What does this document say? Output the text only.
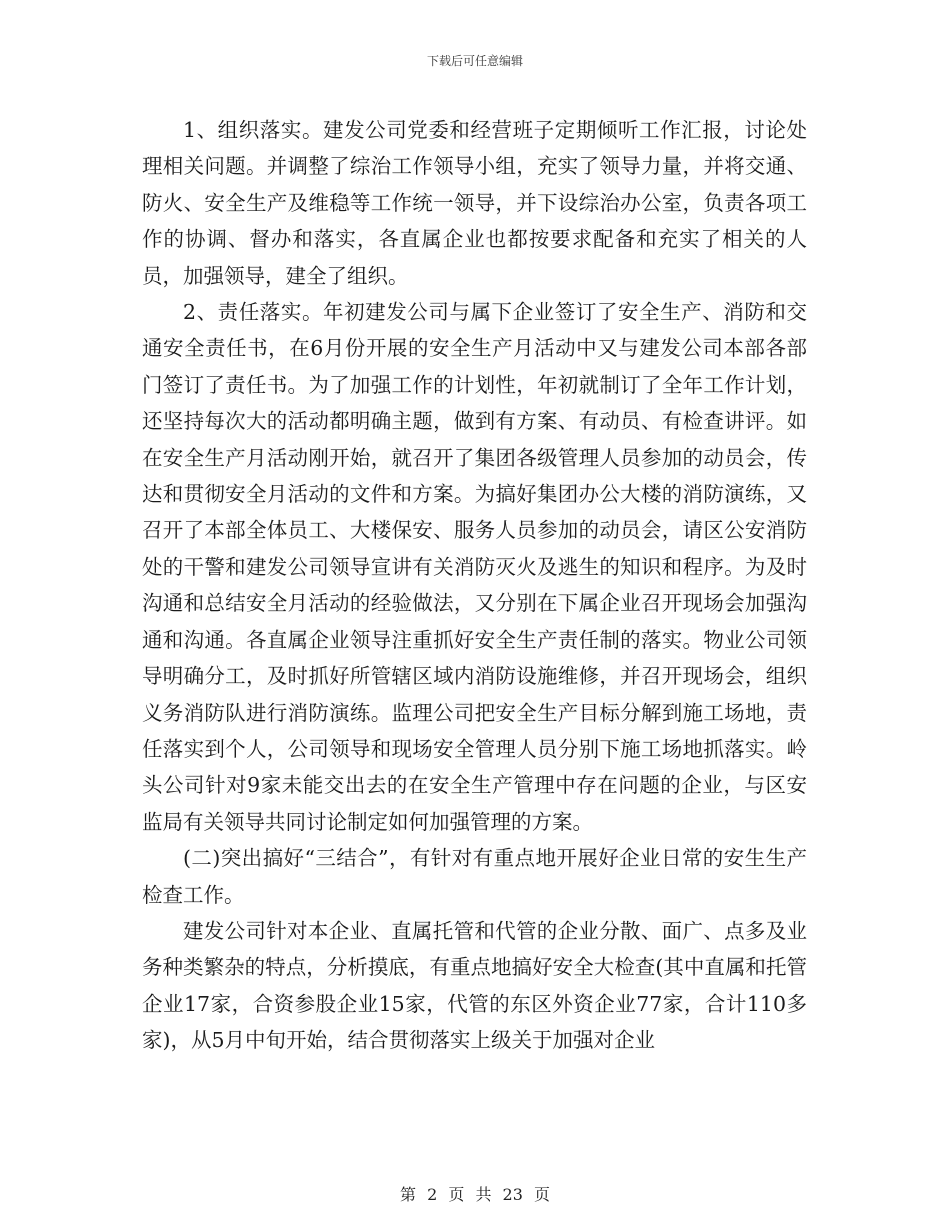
下载后可任意编辑

1、组织落实。建发公司党委和经营班子定期倾听工作汇报，讨论处理相关问题。并调整了综治工作领导小组，充实了领导力量，并将交通、防火、安全生产及维稳等工作统一领导，并下设综治办公室，负责各项工作的协调、督办和落实，各直属企业也都按要求配备和充实了相关的人员，加强领导，建全了组织。

2、责任落实。年初建发公司与属下企业签订了安全生产、消防和交通安全责任书，在6月份开展的安全生产月活动中又与建发公司本部各部门签订了责任书。为了加强工作的计划性，年初就制订了全年工作计划，还坚持每次大的活动都明确主题，做到有方案、有动员、有检查讲评。如在安全生产月活动刚开始，就召开了集团各级管理人员参加的动员会，传达和贯彻安全月活动的文件和方案。为搞好集团办公大楼的消防演练，又召开了本部全体员工、大楼保安、服务人员参加的动员会，请区公安消防处的干警和建发公司领导宣讲有关消防灭火及逃生的知识和程序。为及时沟通和总结安全月活动的经验做法，又分别在下属企业召开现场会加强沟通和沟通。各直属企业领导注重抓好安全生产责任制的落实。物业公司领导明确分工，及时抓好所管辖区域内消防设施维修，并召开现场会，组织义务消防队进行消防演练。监理公司把安全生产目标分解到施工场地，责任落实到个人，公司领导和现场安全管理人员分别下施工场地抓落实。岭头公司针对9家未能交出去的在安全生产管理中存在问题的企业，与区安监局有关领导共同讨论制定如何加强管理的方案。

(二)突出搞好“三结合”，有针对有重点地开展好企业日常的安生生产检查工作。

建发公司针对本企业、直属托管和代管的企业分散、面广、点多及业务种类繁杂的特点，分析摸底，有重点地搞好安全大检查(其中直属和托管企业17家，合资参股企业15家，代管的东区外资企业77家，合计110多家)，从5月中旬开始，结合贯彻落实上级关于加强对企业

第 2 页 共 23 页
